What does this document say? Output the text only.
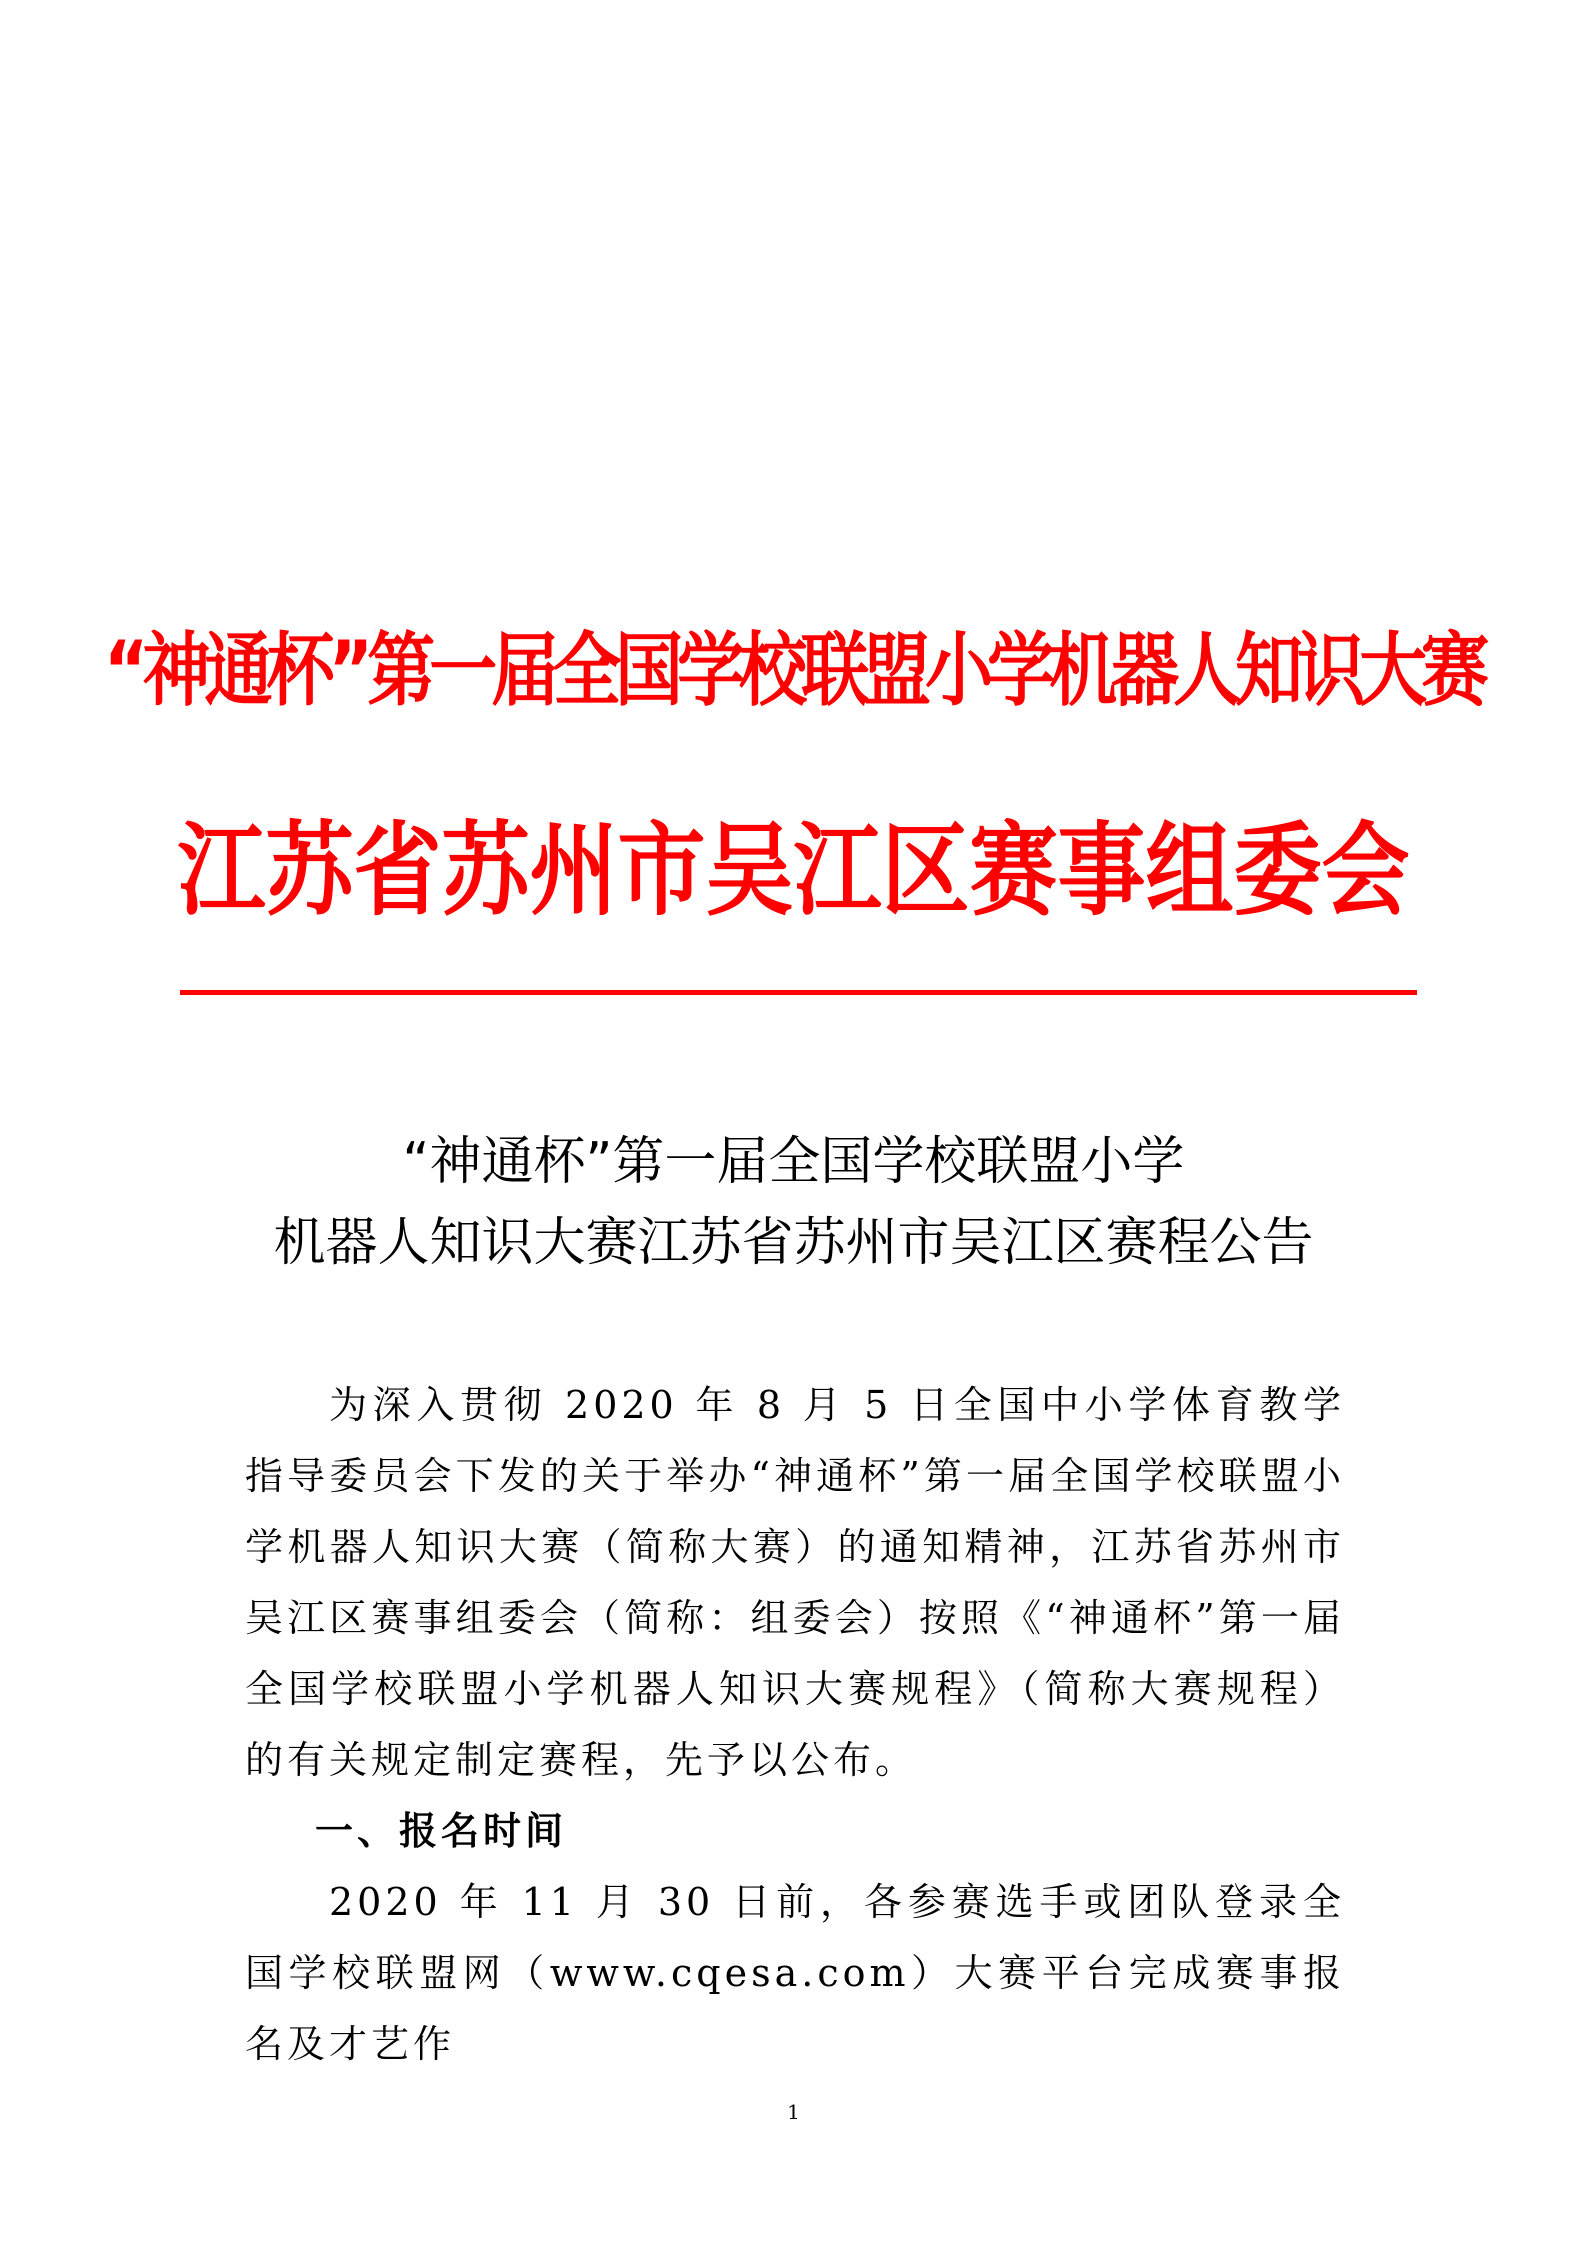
“神通杯”第一届全国学校联盟小学机器人知识大赛
江苏省苏州市吴江区赛事组委会
“神通杯”第一届全国学校联盟小学
机器人知识大赛江苏省苏州市吴江区赛程公告

为深入贯彻 2020 年 8 月 5 日全国中小学体育教学指导委员会下发的关于举办“神通杯”第一届全国学校联盟小学机器人知识大赛（简称大赛）的通知精神，江苏省苏州市吴江区赛事组委会（简称：组委会）按照《“神通杯”第一届全国学校联盟小学机器人知识大赛规程》（简称大赛规程）的有关规定制定赛程，先予以公布。

一、报名时间

2020 年 11 月 30 日前，各参赛选手或团队登录全国学校联盟网（www.cqesa.com）大赛平台完成赛事报名及才艺作

1
